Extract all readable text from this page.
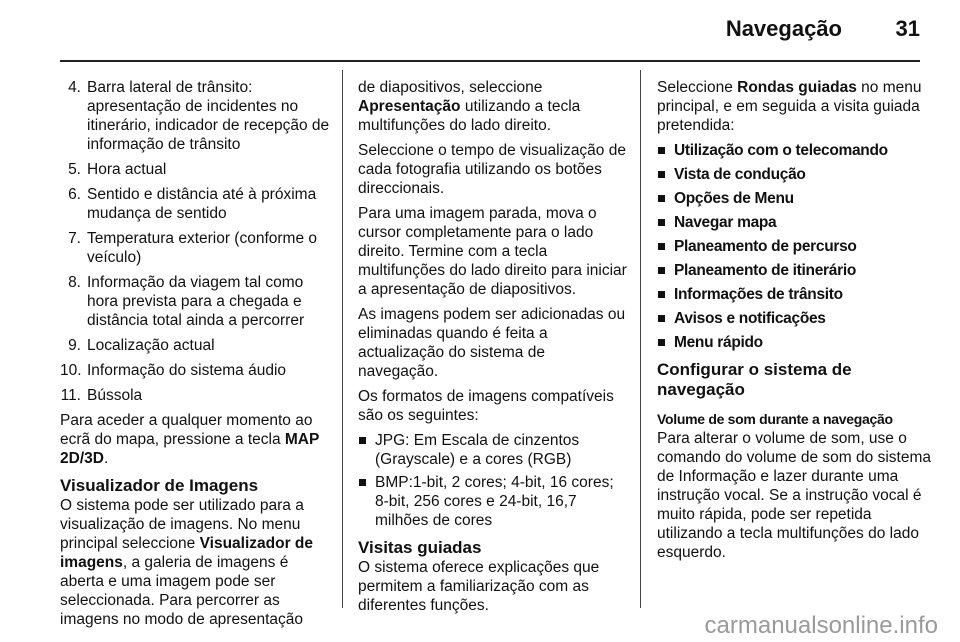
Navegação 31
4. Barra lateral de trânsito: apresentação de incidentes no itinerário, indicador de recepção de informação de trânsito
5. Hora actual
6. Sentido e distância até à próxima mudança de sentido
7. Temperatura exterior (conforme o veículo)
8. Informação da viagem tal como hora prevista para a chegada e distância total ainda a percorrer
9. Localização actual
10. Informação do sistema áudio
11. Bússola

Para aceder a qualquer momento ao ecrã do mapa, pressione a tecla MAP 2D/3D.

Visualizador de Imagens

O sistema pode ser utilizado para a visualização de imagens. No menu principal seleccione Visualizador de imagens, a galeria de imagens é aberta e uma imagem pode ser seleccionada. Para percorrer as imagens no modo de apresentação

de diapositivos, seleccione Apresentação utilizando a tecla multifunções do lado direito.

Seleccione o tempo de visualização de cada fotografia utilizando os botões direccionais.

Para uma imagem parada, mova o cursor completamente para o lado direito. Termine com a tecla multifunções do lado direito para iniciar a apresentação de diapositivos.

As imagens podem ser adicionadas ou eliminadas quando é feita a actualização do sistema de navegação.

Os formatos de imagens compatíveis são os seguintes:

JPG: Em Escala de cinzentos (Grayscale) e a cores (RGB)
BMP:1-bit, 2 cores; 4-bit, 16 cores; 8-bit, 256 cores e 24-bit, 16,7 milhões de cores
Visitas guiadas

O sistema oferece explicações que permitem a familiarização com as diferentes funções.

Seleccione Rondas guiadas no menu principal, e em seguida a visita guiada pretendida:

Utilização com o telecomando
Vista de condução
Opções de Menu
Navegar mapa
Planeamento de percurso
Planeamento de itinerário
Informações de trânsito
Avisos e notificações
Menu rápido
Configurar o sistema de navegação
Volume de som durante a navegação

Para alterar o volume de som, use o comando do volume de som do sistema de Informação e lazer durante uma instrução vocal. Se a instrução vocal é muito rápida, pode ser repetida utilizando a tecla multifunções do lado esquerdo.

carmanualsonline.info
